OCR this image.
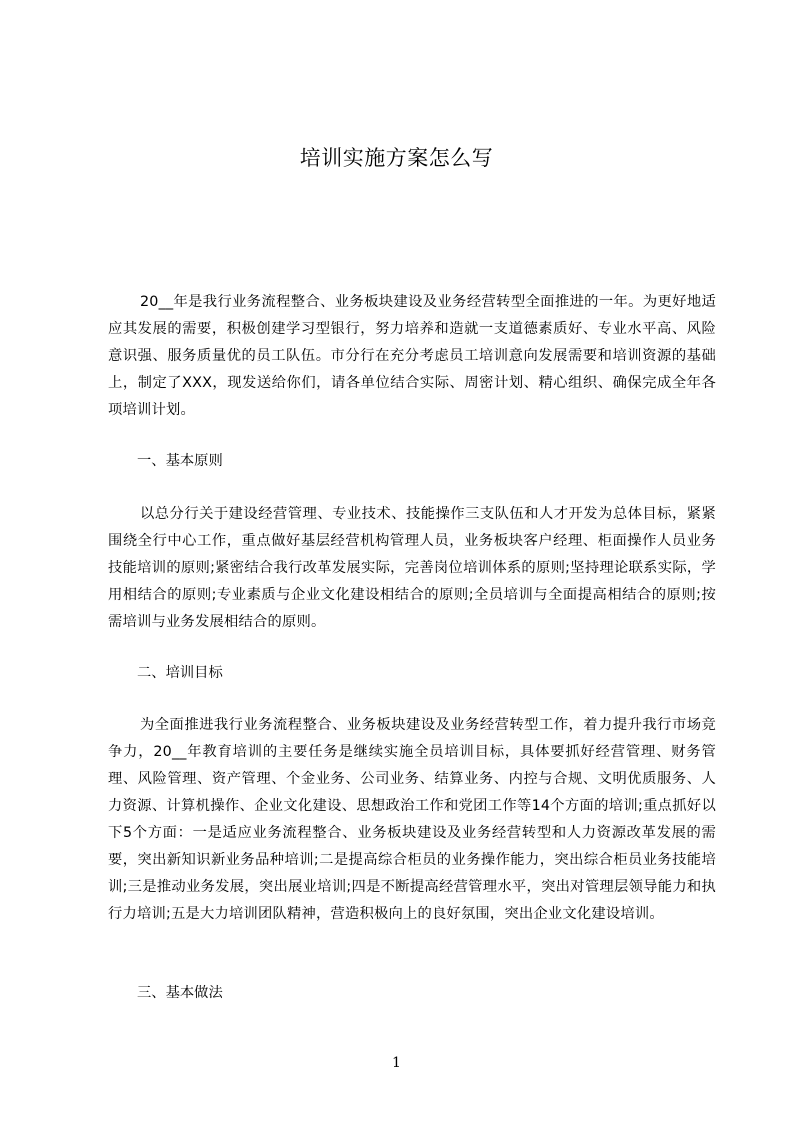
培训实施方案怎么写

20__年是我行业务流程整合、业务板块建设及业务经营转型全面推进的一年。为更好地适应其发展的需要，积极创建学习型银行，努力培养和造就一支道德素质好、专业水平高、风险意识强、服务质量优的员工队伍。市分行在充分考虑员工培训意向发展需要和培训资源的基础上，制定了XXX，现发送给你们，请各单位结合实际、周密计划、精心组织、确保完成全年各项培训计划。

一、基本原则

以总分行关于建设经营管理、专业技术、技能操作三支队伍和人才开发为总体目标，紧紧围绕全行中心工作，重点做好基层经营机构管理人员，业务板块客户经理、柜面操作人员业务技能培训的原则;紧密结合我行改革发展实际，完善岗位培训体系的原则;坚持理论联系实际，学用相结合的原则;专业素质与企业文化建设相结合的原则;全员培训与全面提高相结合的原则;按需培训与业务发展相结合的原则。

二、培训目标

为全面推进我行业务流程整合、业务板块建设及业务经营转型工作，着力提升我行市场竞争力，20__年教育培训的主要任务是继续实施全员培训目标，具体要抓好经营管理、财务管理、风险管理、资产管理、个金业务、公司业务、结算业务、内控与合规、文明优质服务、人力资源、计算机操作、企业文化建设、思想政治工作和党团工作等14个方面的培训;重点抓好以下5个方面：一是适应业务流程整合、业务板块建设及业务经营转型和人力资源改革发展的需要，突出新知识新业务品种培训;二是提高综合柜员的业务操作能力，突出综合柜员业务技能培训;三是推动业务发展，突出展业培训;四是不断提高经营管理水平，突出对管理层领导能力和执行力培训;五是大力培训团队精神，营造积极向上的良好氛围，突出企业文化建设培训。

三、基本做法

1
